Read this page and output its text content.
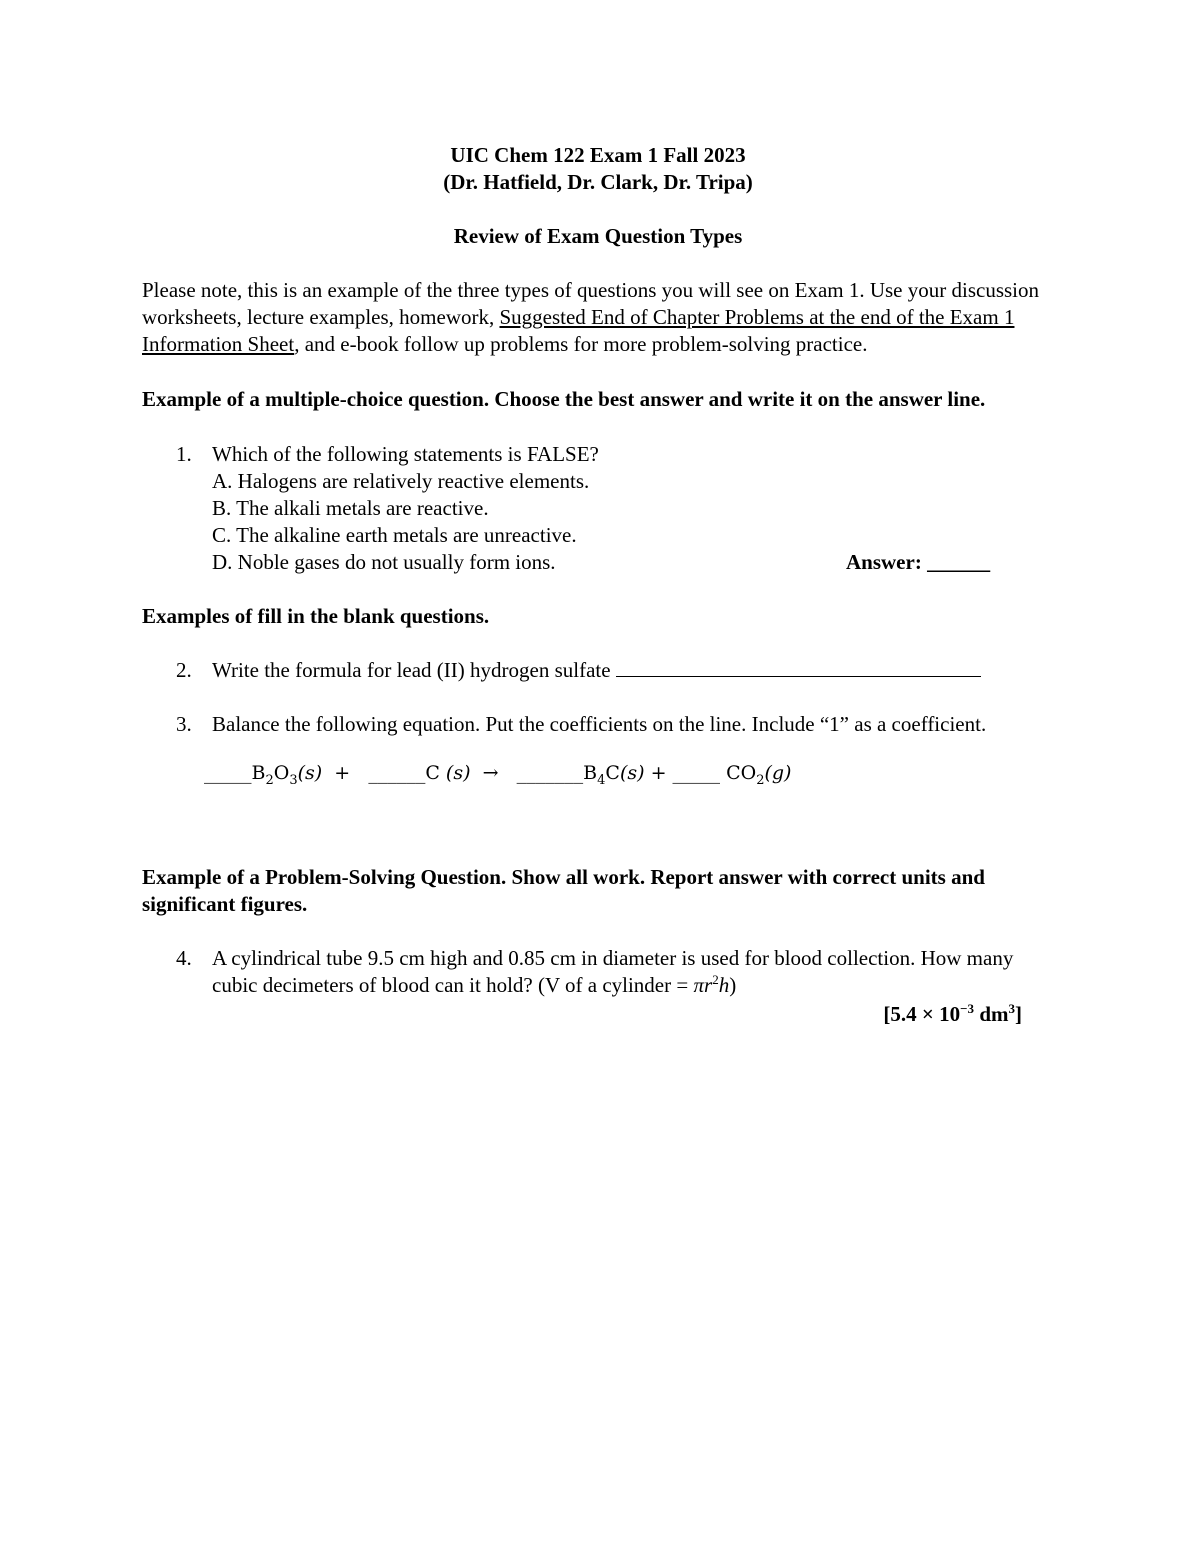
UIC Chem 122 Exam 1 Fall 2023
(Dr. Hatfield, Dr. Clark, Dr. Tripa)
Review of Exam Question Types

Please note, this is an example of the three types of questions you will see on Exam 1. Use your discussion worksheets, lecture examples, homework, Suggested End of Chapter Problems at the end of the Exam 1 Information Sheet, and e-book follow up problems for more problem-solving practice.

Example of a multiple-choice question. Choose the best answer and write it on the answer line.

1. Which of the following statements is FALSE?
A. Halogens are relatively reactive elements.
B. The alkali metals are reactive.
C. The alkaline earth metals are unreactive.
D. Noble gases do not usually form ions.	Answer: ______

Examples of fill in the blank questions.

2. Write the formula for lead (II) hydrogen sulfate
3. Balance the following equation. Put the coefficients on the line. Include “1” as a coefficient.
$\_\_\_\_\_B_2O_3(s)$ + ______C $(s) \to \_\_\_\_\_\_\_B_4C(s)$ + _____ $CO_2(g)$

Example of a Problem-Solving Question. Show all work. Report answer with correct units and significant figures.

4. A cylindrical tube 9.5 cm high and 0.85 cm in diameter is used for blood collection. How many cubic decimeters of blood can it hold? (V of a cylinder = $\pi r^2h$)
[$5.4 \times 10^{-3}$ $dm^3$]
